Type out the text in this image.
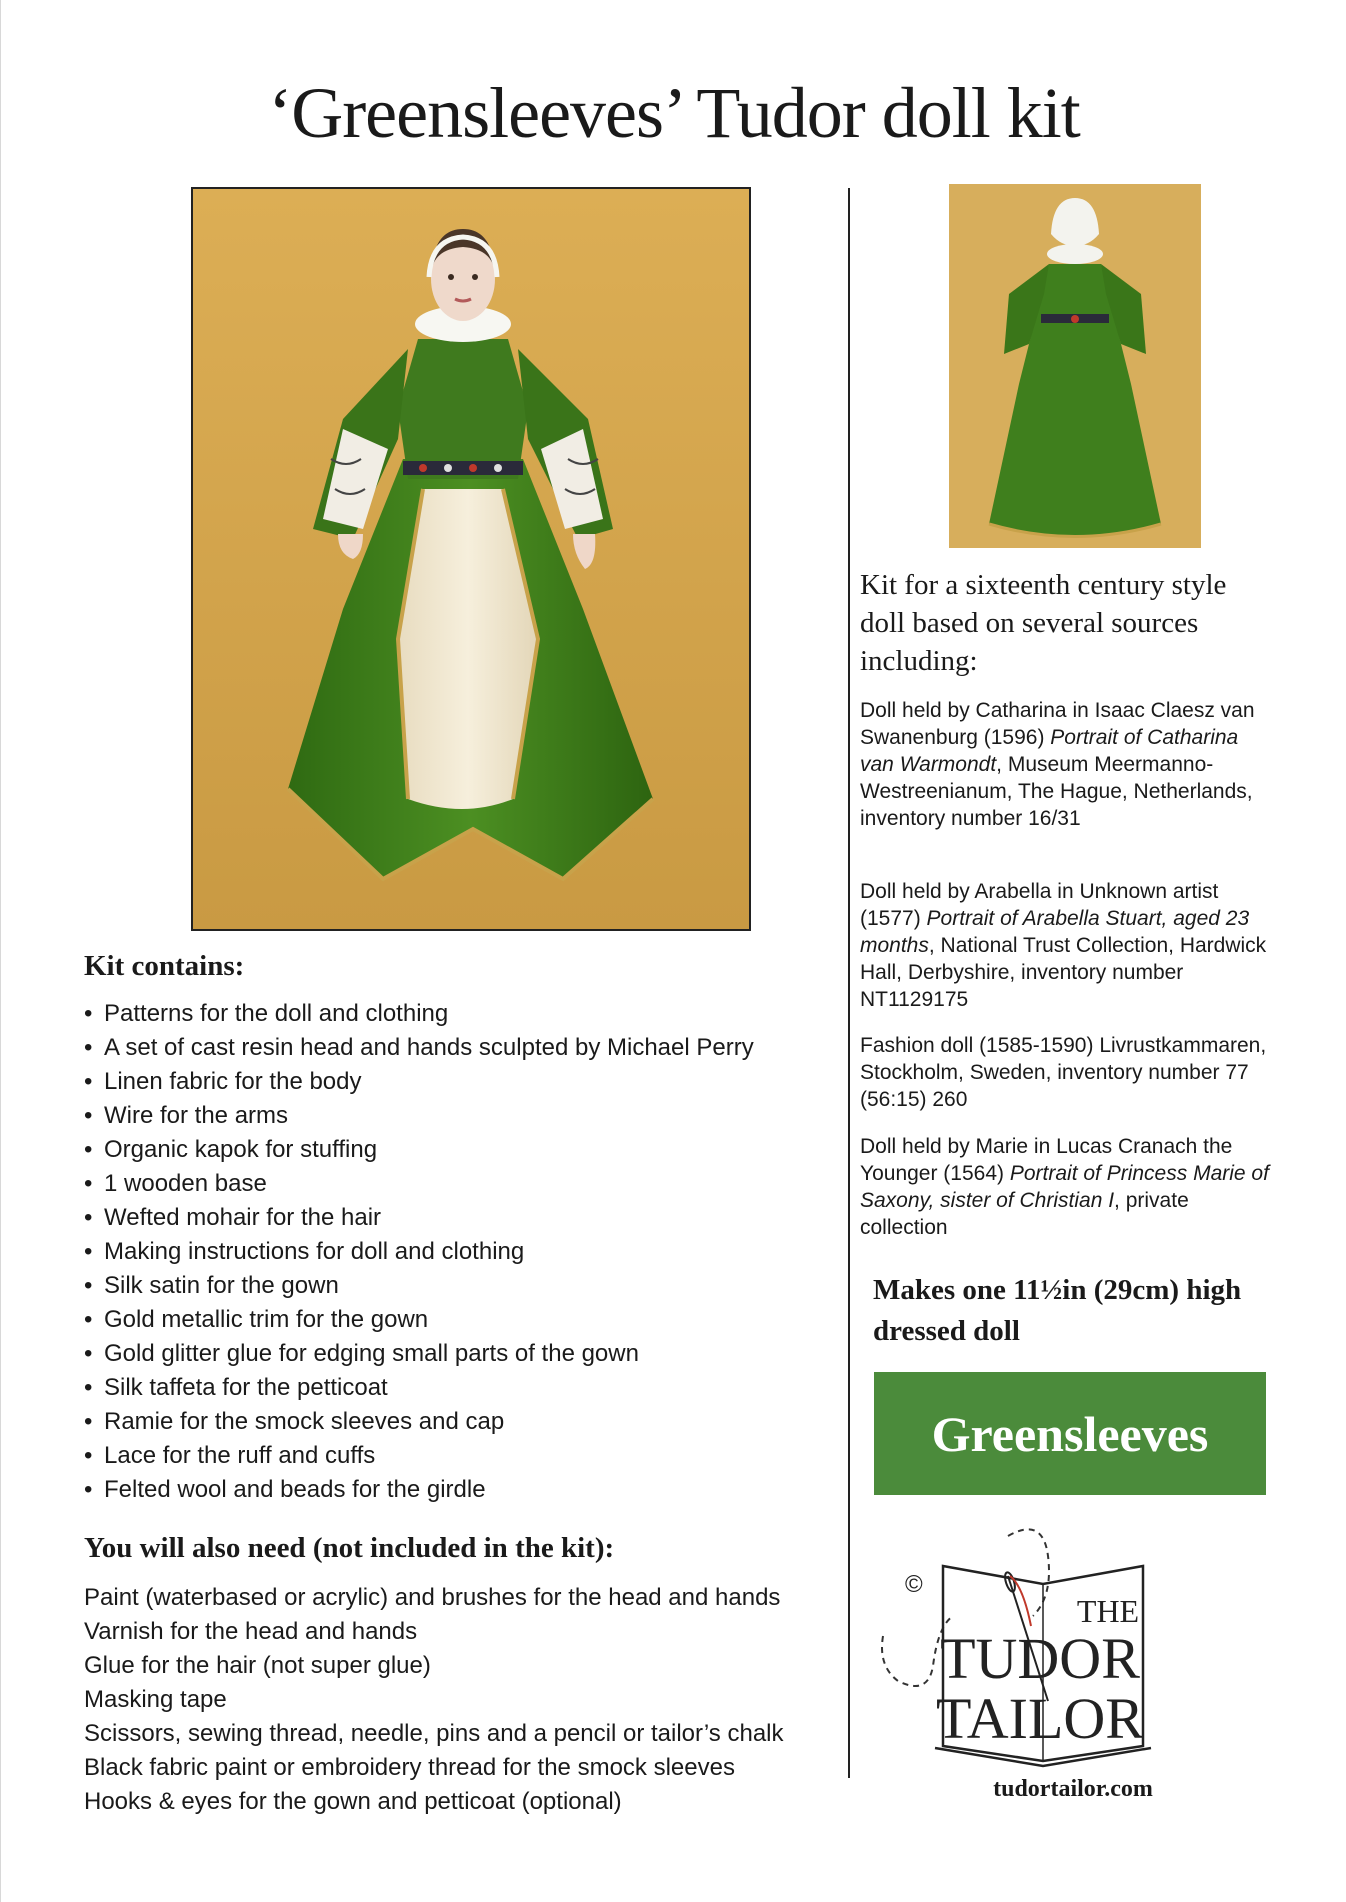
‘Greensleeves’ Tudor doll kit
Kit contains:
• Patterns for the doll and clothing
• A set of cast resin head and hands sculpted by Michael Perry
• Linen fabric for the body
• Wire for the arms
• Organic kapok for stuffing
• 1 wooden base
• Wefted mohair for the hair
• Making instructions for doll and clothing
• Silk satin for the gown
• Gold metallic trim for the gown
• Gold glitter glue for edging small parts of the gown
• Silk taffeta for the petticoat
• Ramie for the smock sleeves and cap
• Lace for the ruff and cuffs
• Felted wool and beads for the girdle
You will also need (not included in the kit):
Paint (waterbased or acrylic) and brushes for the head and hands
Varnish for the head and hands
Glue for the hair (not super glue)
Masking tape
Scissors, sewing thread, needle, pins and a pencil or tailor’s chalk
Black fabric paint or embroidery thread for the smock sleeves
Hooks & eyes for the gown and petticoat (optional)
Kit for a sixteenth century style doll based on several sources including:
Doll held by Catharina in Isaac Claesz van Swanenburg (1596) Portrait of Catharina van Warmondt, Museum Meermanno-Westreenianum, The Hague, Netherlands, inventory number 16/31
Doll held by Arabella in Unknown artist (1577) Portrait of Arabella Stuart, aged 23 months, National Trust Collection, Hardwick Hall, Derbyshire, inventory number NT1129175
Fashion doll (1585-1590) Livrustkammaren, Stockholm, Sweden, inventory number 77 (56:15) 260
Doll held by Marie in Lucas Cranach the Younger (1564) Portrait of Princess Marie of Saxony, sister of Christian I, private collection
Makes one 11½in (29cm) high dressed doll
Greensleeves
©
THE
TUDOR
TAILOR
tudortailor.com
